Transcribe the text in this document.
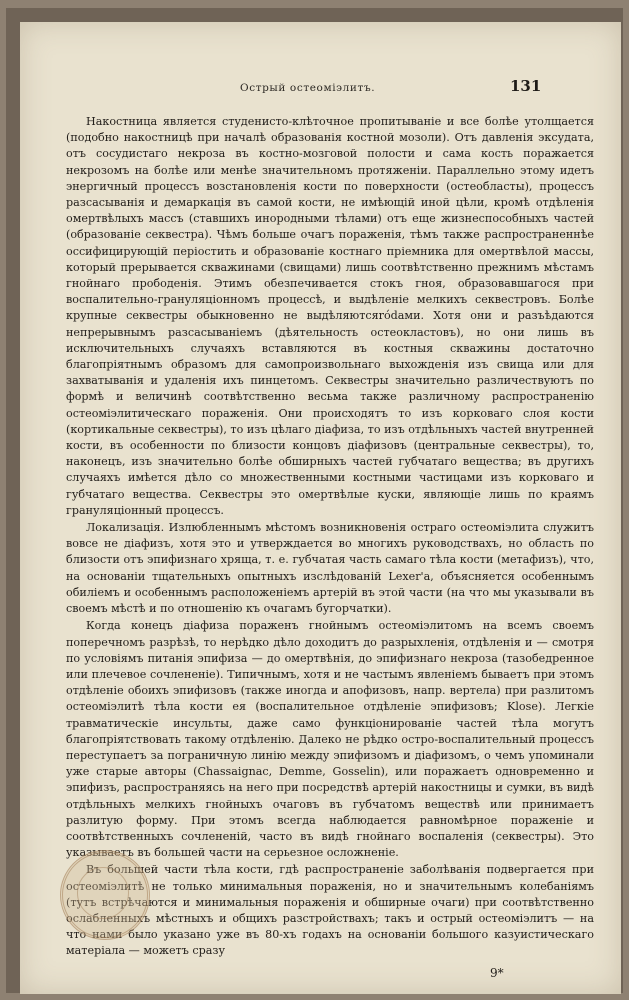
Острый остеоміэлитъ.	131

Накостница является студенисто-клѣточное пропитываніе и все болѣе утолщается (подобно накостницѣ при началѣ образованія костной мозоли). Отъ давленія эксудата, отъ сосудистаго некроза въ костно-мозговой полости и сама кость поражается некрозомъ на болѣе или менѣе значительномъ протяженіи. Параллельно этому идетъ энергичный процессъ возстановленія кости по поверхности (остеобласты), процессъ разсасыванія и демаркація въ самой кости, не имѣющій иной цѣли, кромѣ отдѣленія омертвѣлыхъ массъ (ставшихъ инородными тѣлами) отъ еще жизнеспособныхъ частей (образованіе секвестра). Чѣмъ больше очагъ пораженія, тѣмъ также распространеннѣе оссифицирующій періостить и образованіе костнаго пріемника для омертвѣлой массы, который прерывается скважинами (свищами) лишь соотвѣтственно прежнимъ мѣстамъ гнойнаго прободенія. Этимъ обезпечивается стокъ гноя, образовавшагося при воспалительно-грануляціонномъ процессѣ, и выдѣленіе мелкихъ секвестровъ. Болѣе крупные секвестры обыкновенно не выдѣляютсяródами. Хотя они и разъѣдаются непрерывнымъ разсасываніемъ (дѣятельность остеокластовъ), но они лишь въ исключительныхъ случаяхъ вставляются въ костныя скважины достаточно благопріятнымъ образомъ для самопроизвольнаго выхожденія изъ свища или для захватыванія и удаленія ихъ пинцетомъ. Секвестры значительно различествуютъ по формѣ и величинѣ соотвѣтственно весьма также различному распространенію остеоміэлитическаго пораженія. Они происходятъ то изъ корковаго слоя кости (кортикальные секвестры), то изъ цѣлаго діафиза, то изъ отдѣльныхъ частей внутренней кости, въ особенности по близости концовъ діафизовъ (центральные секвестры), то, наконецъ, изъ значительно болѣе обширныхъ частей губчатаго вещества; въ другихъ случаяхъ имѣется дѣло со множественными костными частицами изъ корковаго и губчатаго вещества. Секвестры это омертвѣлые куски, являющіе лишь по краямъ грануляціонный процессъ.

Локализація. Излюбленнымъ мѣстомъ возникновенія остраго остеоміэлита служитъ вовсе не діафизъ, хотя это и утверждается во многихъ руководствахъ, но область по близости отъ эпифизнаго хряща, т. е. губчатая часть самаго тѣла кости (метафизъ), что, на основаніи тщательныхъ опытныхъ изслѣдованій Lexer'а, объясняется особеннымъ обиліемъ и особеннымъ расположеніемъ артерій въ этой части (на что мы указывали въ своемъ мѣстѣ и по отношенію къ очагамъ бугорчатки).

Когда конецъ діафиза пораженъ гнойнымъ остеоміэлитомъ на всемъ своемъ поперечномъ разрѣзѣ, то нерѣдко дѣло доходитъ до разрыхленія, отдѣленія и — смотря по условіямъ питанія эпифиза — до омертвѣнія, до эпифизнаго некроза (тазобедренное или плечевое сочлененіе). Типичнымъ, хотя и не частымъ явленіемъ бываетъ при этомъ отдѣленіе обоихъ эпифизовъ (также иногда и апофизовъ, напр. вертела) при разлитомъ остеоміэлитѣ тѣла кости ея (воспалительное отдѣленіе эпифизовъ; Klose). Легкіе травматическіе инсульты, даже само функціонированіе частей тѣла могутъ благопріятствовать такому отдѣленію. Далеко не рѣдко остро-воспалительный процессъ переступаетъ за пограничную линію между эпифизомъ и діафизомъ, о чемъ упоминали уже старые авторы (Chassaignac, Demme, Gosselin), или поражаетъ одновременно и эпифизъ, распространяясь на него при посредствѣ артерій накостницы и сумки, въ видѣ отдѣльныхъ мелкихъ гнойныхъ очаговъ въ губчатомъ веществѣ или принимаетъ разлитую форму. При этомъ всегда наблюдается равномѣрное пораженіе и соотвѣтственныхъ сочлененій, часто въ видѣ гнойнаго воспаленія (секвестры). Это указываетъ въ большей части на серьезное осложненіе.

Въ большей части тѣла кости, гдѣ распространеніе заболѣванія подвергается при остеоміэлитѣ не только минимальныя пораженія, но и значительнымъ колебаніямъ (тутъ встрѣчаются и минимальныя пораженія и обширные очаги) при соотвѣтственно ослабленныхъ мѣстныхъ и общихъ разстройствахъ; такъ и острый остеоміэлитъ — на что нами было указано уже въ 80-хъ годахъ на основаніи большого казуистическаго матеріала — можетъ сразу

9*
